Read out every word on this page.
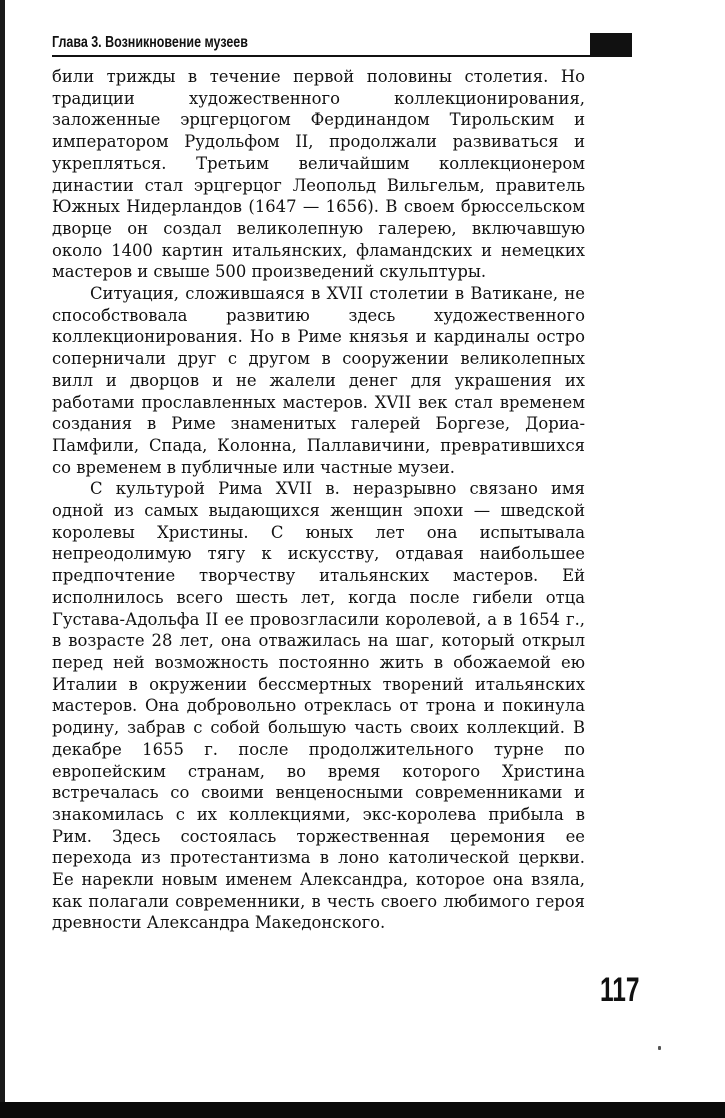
Глава 3. Возникновение музеев

били трижды в течение первой половины столетия. Но традиции художественного коллекционирования, заложенные эрцгерцогом Фердинандом Тирольским и императором Рудольфом II, продолжали развиваться и укрепляться. Третьим величайшим коллекционером династии стал эрцгерцог Леопольд Вильгельм, правитель Южных Нидерландов (1647 — 1656). В своем брюссельском дворце он создал великолепную галерею, включавшую около 1400 картин итальянских, фламандских и немецких мастеров и свыше 500 произведений скульптуры.

Ситуация, сложившаяся в XVII столетии в Ватикане, не способствовала развитию здесь художественного коллекционирования. Но в Риме князья и кардиналы остро соперничали друг с другом в сооружении великолепных вилл и дворцов и не жалели денег для украшения их работами прославленных мастеров. XVII век стал временем создания в Риме знаменитых галерей Боргезе, Дориа-Памфили, Спада, Колонна, Паллавичини, превратившихся со временем в публичные или частные музеи.

С культурой Рима XVII в. неразрывно связано имя одной из самых выдающихся женщин эпохи — шведской королевы Христины. С юных лет она испытывала непреодолимую тягу к искусству, отдавая наибольшее предпочтение творчеству итальянских мастеров. Ей исполнилось всего шесть лет, когда после гибели отца Густава-Адольфа II ее провозгласили королевой, а в 1654 г., в возрасте 28 лет, она отважилась на шаг, который открыл перед ней возможность постоянно жить в обожаемой ею Италии в окружении бессмертных творений итальянских мастеров. Она добровольно отреклась от трона и покинула родину, забрав с собой большую часть своих коллекций. В декабре 1655 г. после продолжительного турне по европейским странам, во время которого Христина встречалась со своими венценосными современниками и знакомилась с их коллекциями, экс-королева прибыла в Рим. Здесь состоялась торжественная церемония ее перехода из протестантизма в лоно католической церкви. Ее нарекли новым именем Александра, которое она взяла, как полагали современники, в честь своего любимого героя древности Александра Македонского.

117
